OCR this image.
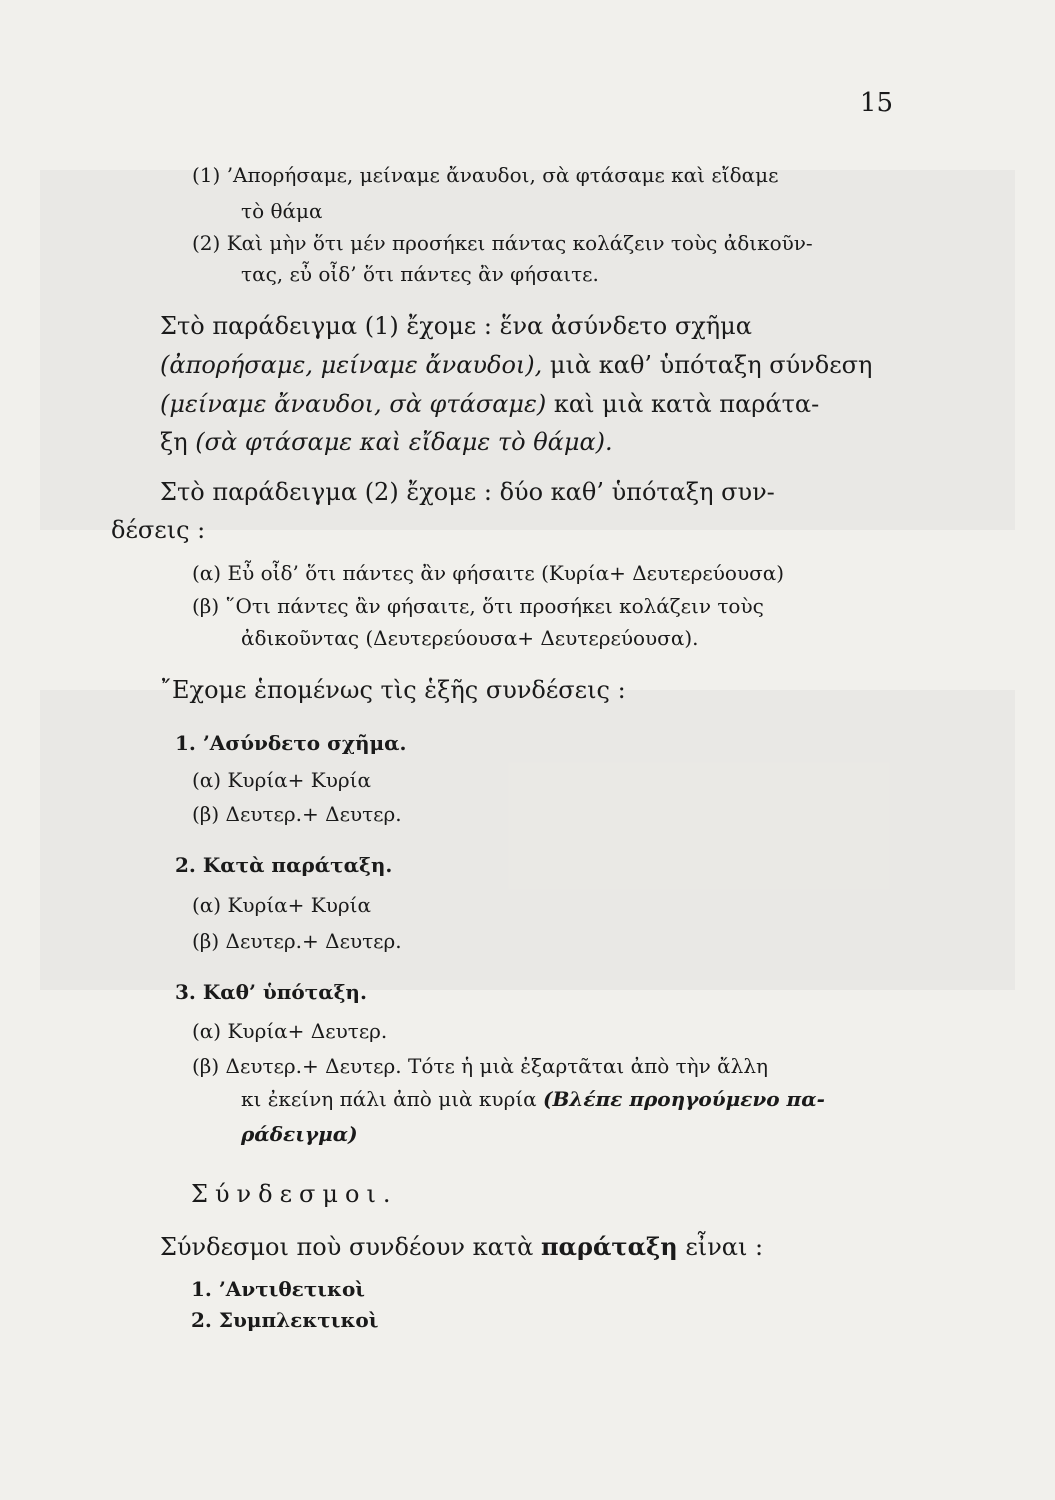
15
(1) ’Απορήσαμε, μείναμε ἄναυδοι, σὰ φτάσαμε καὶ εἴδαμε
τὸ θάμα
(2) Καὶ μὴν ὅτι μέν προσήκει πάντας κολάζειν τοὺς ἀδικοῦν-
τας, εὖ οἶδ’ ὅτι πάντες ἂν φήσαιτε.
Στὸ παράδειγμα (1) ἔχομε : ἕνα ἀσύνδετο σχῆμα
(ἀπορήσαμε, μείναμε ἄναυδοι), μιὰ καθ’ ὑπόταξη σύνδεση
(μείναμε ἄναυδοι, σὰ φτάσαμε) καὶ μιὰ κατὰ παράτα-
ξη (σὰ φτάσαμε καὶ εἴδαμε τὸ θάμα).
Στὸ παράδειγμα (2) ἔχομε : δύο καθ’ ὑπόταξη συν-
δέσεις :
(α) Εὖ οἶδ’ ὅτι πάντες ἂν φήσαιτε (Κυρία+ Δευτερεύουσα)
(β) ῞Οτι πάντες ἂν φήσαιτε, ὅτι προσήκει κολάζειν τοὺς
ἀδικοῦντας (Δευτερεύουσα+ Δευτερεύουσα).
῎Εχομε ἑπομένως τὶς ἑξῆς συνδέσεις :
1. ’Ασύνδετο σχῆμα.
(α) Κυρία+ Κυρία
(β) Δευτερ.+ Δευτερ.
2. Κατὰ παράταξη.
(α) Κυρία+ Κυρία
(β) Δευτερ.+ Δευτερ.
3. Καθ’ ὑπόταξη.
(α) Κυρία+ Δευτερ.
(β) Δευτερ.+ Δευτερ. Τότε ἡ μιὰ ἐξαρτᾶται ἀπὸ τὴν ἄλλη
κι ἐκείνη πάλι ἀπὸ μιὰ κυρία (Βλέπε προηγούμενο πα-
ράδειγμα)
Σύνδεσμοι.
Σύνδεσμοι ποὺ συνδέουν κατὰ παράταξη εἶναι :
1. ’Αντιθετικοὶ
2. Συμπλεκτικοὶ
